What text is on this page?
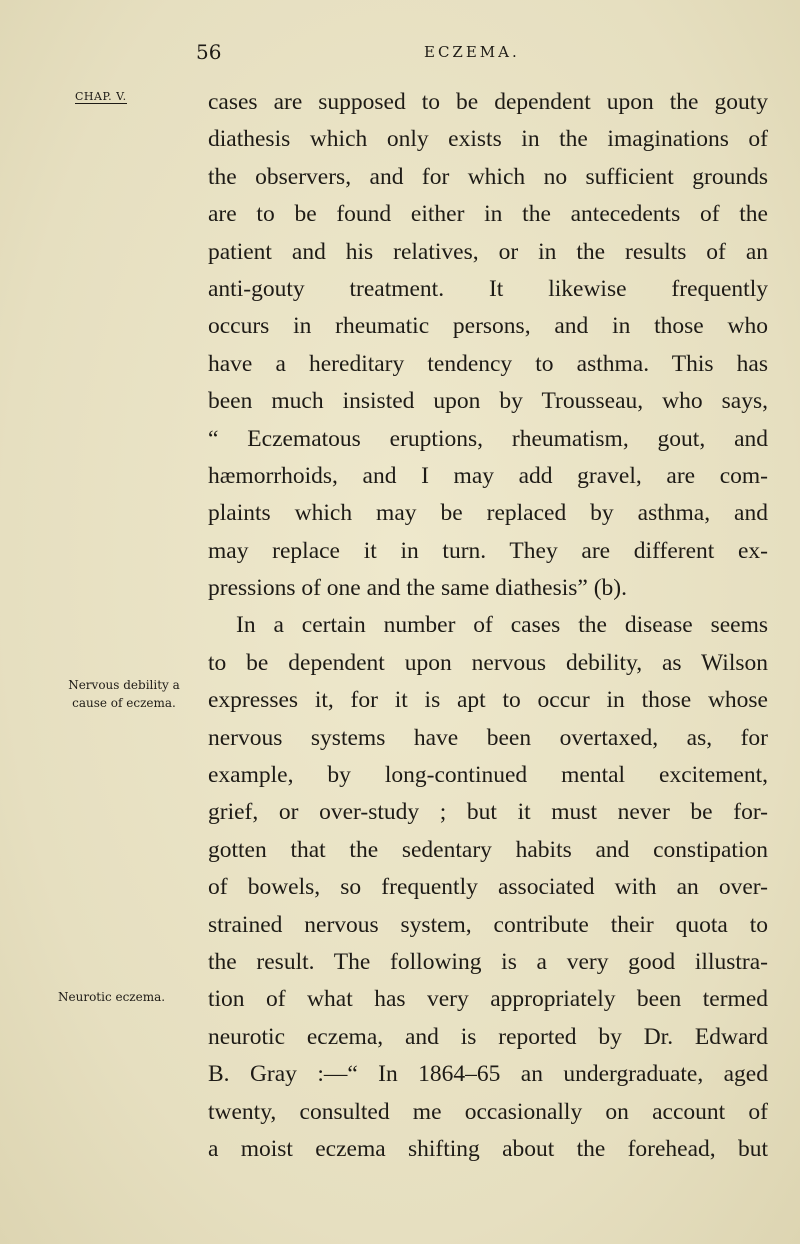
56	ECZEMA.
CHAP. V.
Nervous debility a cause of eczema.
Neurotic eczema.
cases are supposed to be dependent upon the gouty
diathesis which only exists in the imaginations of
the observers, and for which no sufficient grounds
are to be found either in the antecedents of the
patient and his relatives, or in the results of an
anti-gouty treatment. It likewise frequently
occurs in rheumatic persons, and in those who
have a hereditary tendency to asthma. This has
been much insisted upon by Trousseau, who says,
“ Eczematous eruptions, rheumatism, gout, and
hæmorrhoids, and I may add gravel, are com-
plaints which may be replaced by asthma, and
may replace it in turn. They are different ex-
pressions of one and the same diathesis” (b).
In a certain number of cases the disease seems
to be dependent upon nervous debility, as Wilson
expresses it, for it is apt to occur in those whose
nervous systems have been overtaxed, as, for
example, by long-continued mental excitement,
grief, or over-study ; but it must never be for-
gotten that the sedentary habits and constipation
of bowels, so frequently associated with an over-
strained nervous system, contribute their quota to
the result. The following is a very good illustra-
tion of what has very appropriately been termed
neurotic eczema, and is reported by Dr. Edward
B. Gray :—“ In 1864–65 an undergraduate, aged
twenty, consulted me occasionally on account of
a moist eczema shifting about the forehead, but
